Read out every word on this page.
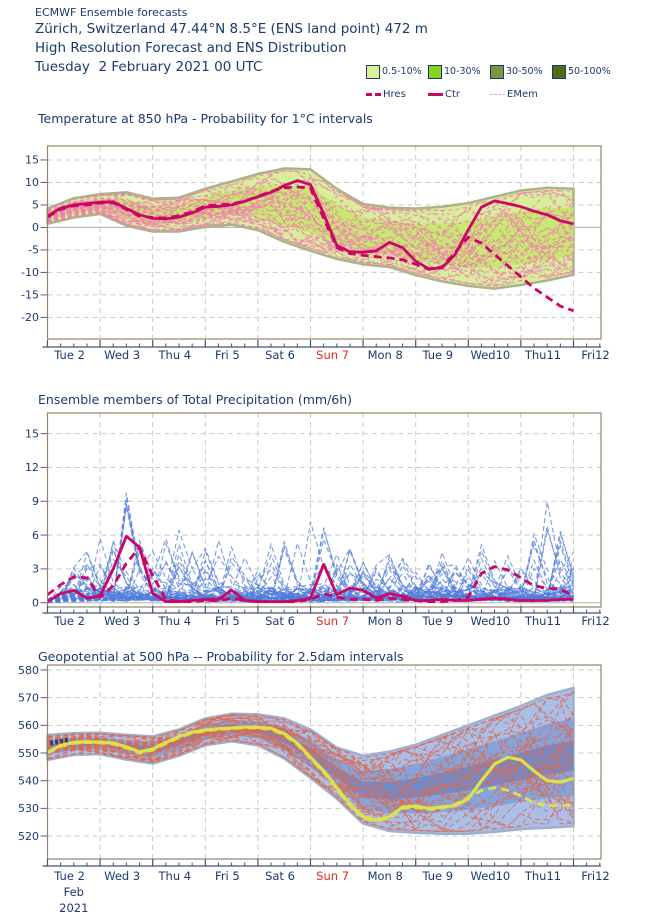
ECMWF Ensemble forecasts
Zürich, Switzerland 47.44°N 8.5°E (ENS land point) 472 m
High Resolution Forecast and ENS Distribution
Tuesday  2 February 2021 00 UTC	0.5-10% 10-30%	30-50%	50-100%
Hres	Ctr	EMem
Temperature at 850 hPa - Probability for 1°C intervals
15
10
5
0
-5
-10
-15
-20
Tue 2 Wed 3 Thu 4 Fri 5 Sat 6 Sun 7 Mon 8 Tue 9 Wed10 Thu11 Fri12
Ensemble members of Total Precipitation (mm/6h)
15
12
9
6
3
0
Tue 2 Wed 3 Thu 4 Fri 5 Sat 6 Sun 7 Mon 8 Tue 9 Wed10 Thu11 Fri12
Geopotential at 500 hPa -- Probability for 2.5dam intervals
580
570
560
550
540
530
520
Tue 2 Wed 3 Thu 4 Fri 5 Sat 6 Sun 7 Mon 8 Tue 9 Wed10 Thu11 Fri12
Feb
2021
